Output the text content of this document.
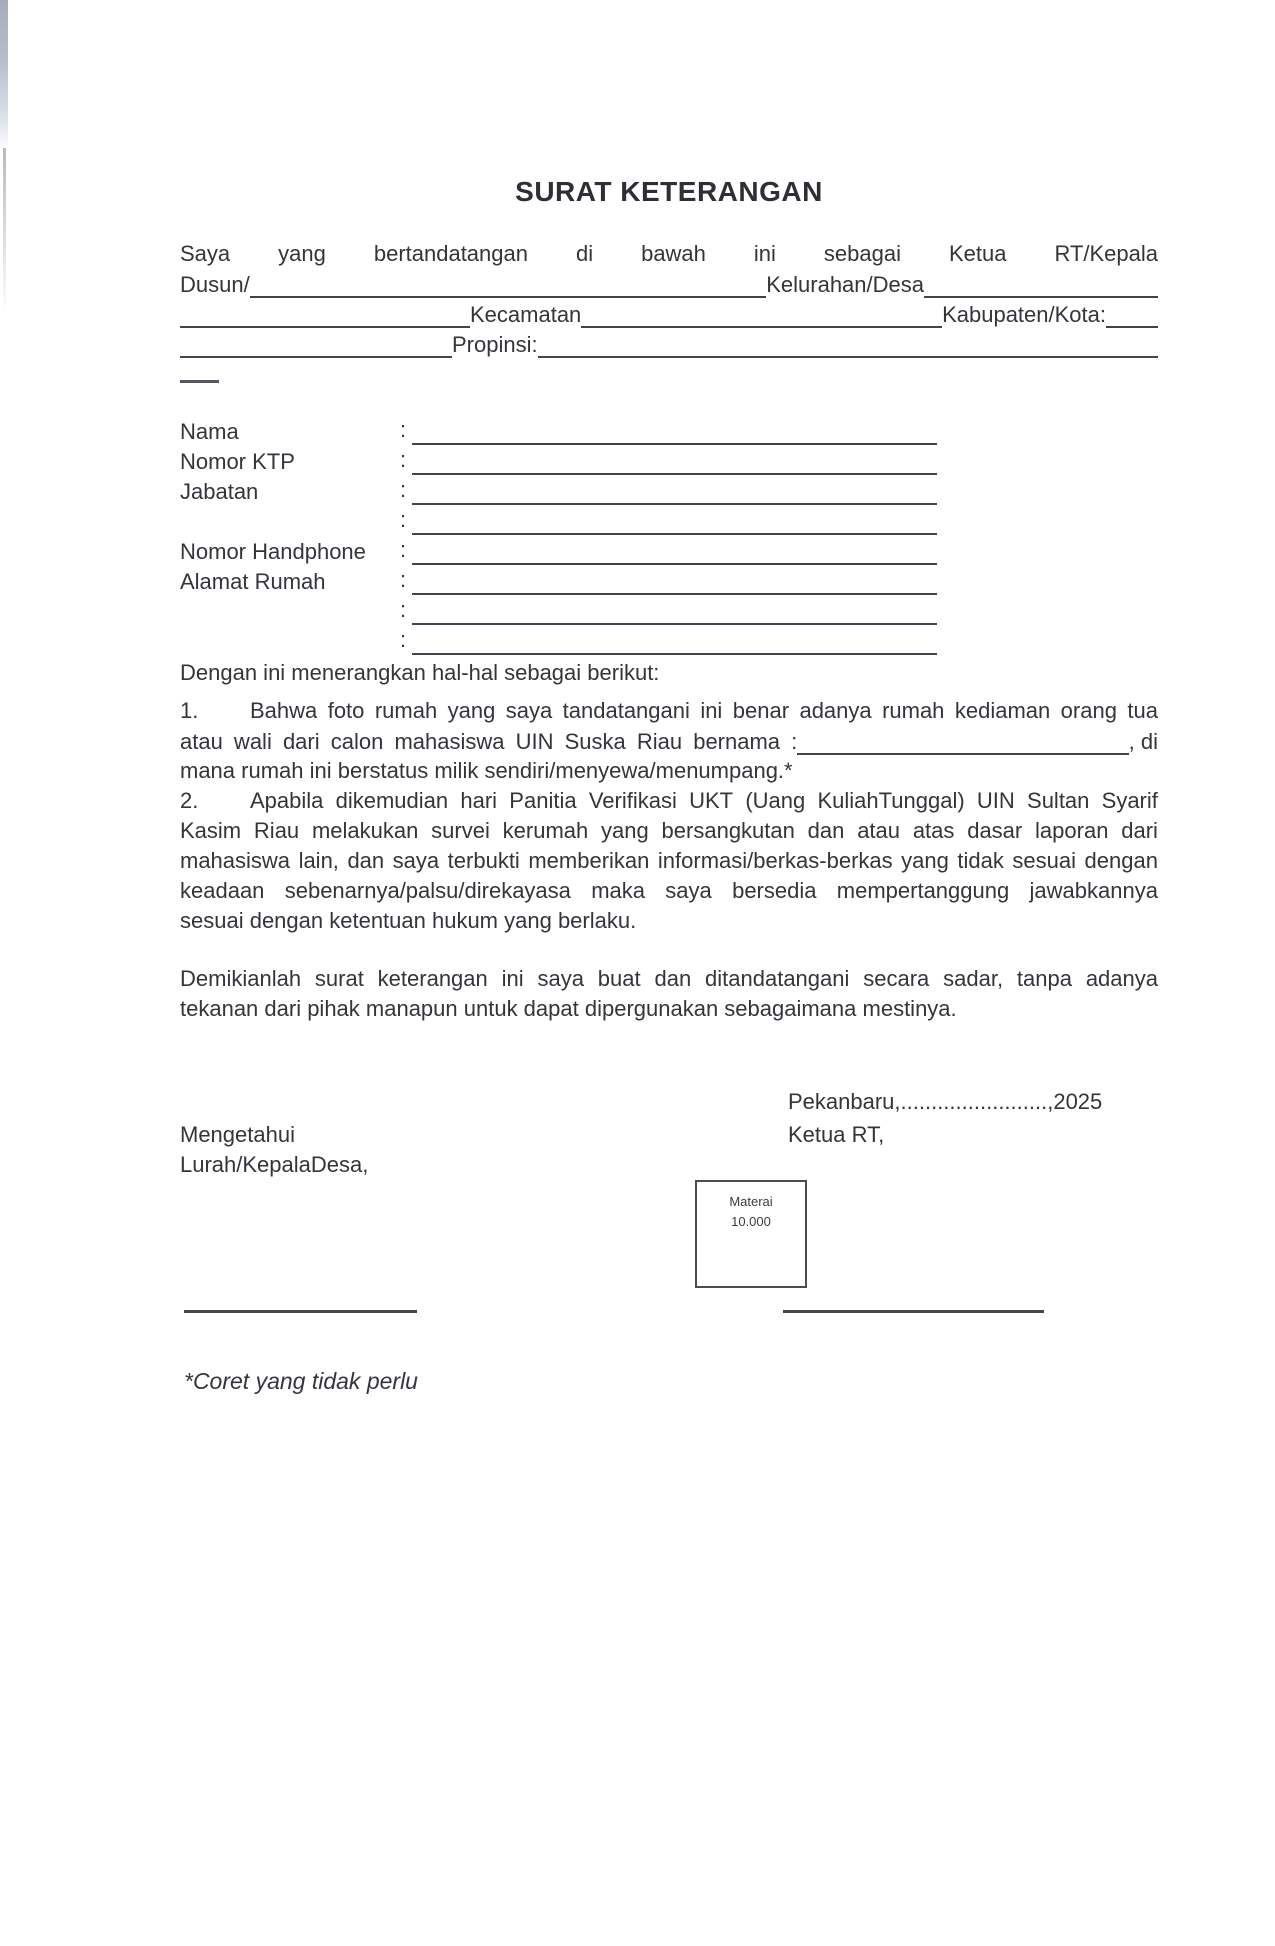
SURAT KETERANGAN
Saya yang bertandatangan di bawah ini sebagai Ketua RT/Kepala
Dusun/	Kelurahan/Desa
Kecamatan	Kabupaten/Kota:
Propinsi:
Nama	:
Nomor KTP	:
Jabatan	:
:
Nomor Handphone :
Alamat Rumah	:
:
:
Dengan ini menerangkan hal-hal sebagai berikut:
1.	Bahwa foto rumah yang saya tandatangani ini benar adanya rumah kediaman orang tua
atau wali dari calon mahasiswa UIN Suska Riau bernama :	, di
mana rumah ini berstatus milik sendiri/menyewa/menumpang.*
2.	Apabila dikemudian hari Panitia Verifikasi UKT (Uang KuliahTunggal) UIN Sultan Syarif
Kasim Riau melakukan survei kerumah yang bersangkutan dan atau atas dasar laporan dari
mahasiswa lain, dan saya terbukti memberikan informasi/berkas-berkas yang tidak sesuai dengan
keadaan sebenarnya/palsu/direkayasa maka saya bersedia mempertanggung jawabkannya
sesuai dengan ketentuan hukum yang berlaku.
Demikianlah surat keterangan ini saya buat dan ditandatangani secara sadar, tanpa adanya
tekanan dari pihak manapun untuk dapat dipergunakan sebagaimana mestinya.
Pekanbaru,........................,2025
Ketua RT,
Mengetahui
Lurah/KepalaDesa,
Materai
10.000
*Coret yang tidak perlu
